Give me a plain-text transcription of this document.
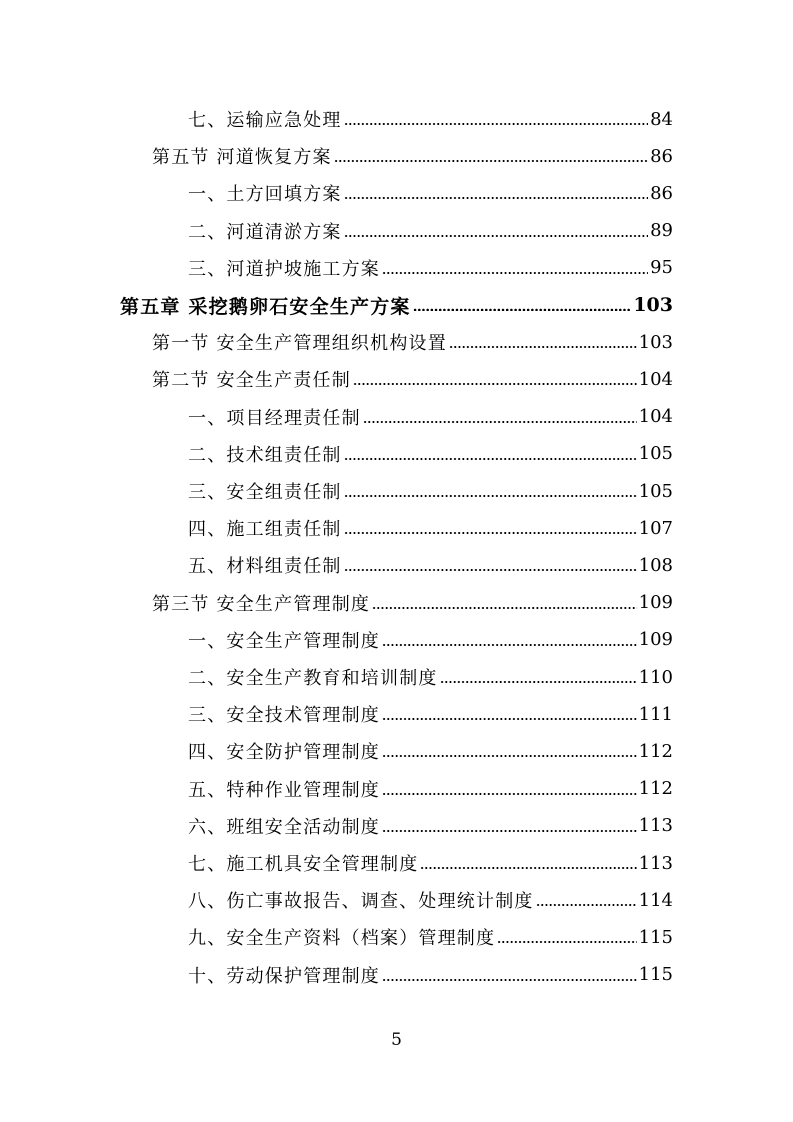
七、运输应急处理	84
第五节 河道恢复方案	86
一、土方回填方案	86
二、河道清淤方案	89
三、河道护坡施工方案	95
第五章 采挖鹅卵石安全生产方案	103
第一节 安全生产管理组织机构设置	103
第二节 安全生产责任制	104
一、项目经理责任制	104
二、技术组责任制	105
三、安全组责任制	105
四、施工组责任制	107
五、材料组责任制	108
第三节 安全生产管理制度	109
一、安全生产管理制度	109
二、安全生产教育和培训制度	110
三、安全技术管理制度	111
四、安全防护管理制度	112
五、特种作业管理制度	112
六、班组安全活动制度	113
七、施工机具安全管理制度	113
八、伤亡事故报告、调查、处理统计制度	114
九、安全生产资料（档案）管理制度	115
十、劳动保护管理制度	115
5
